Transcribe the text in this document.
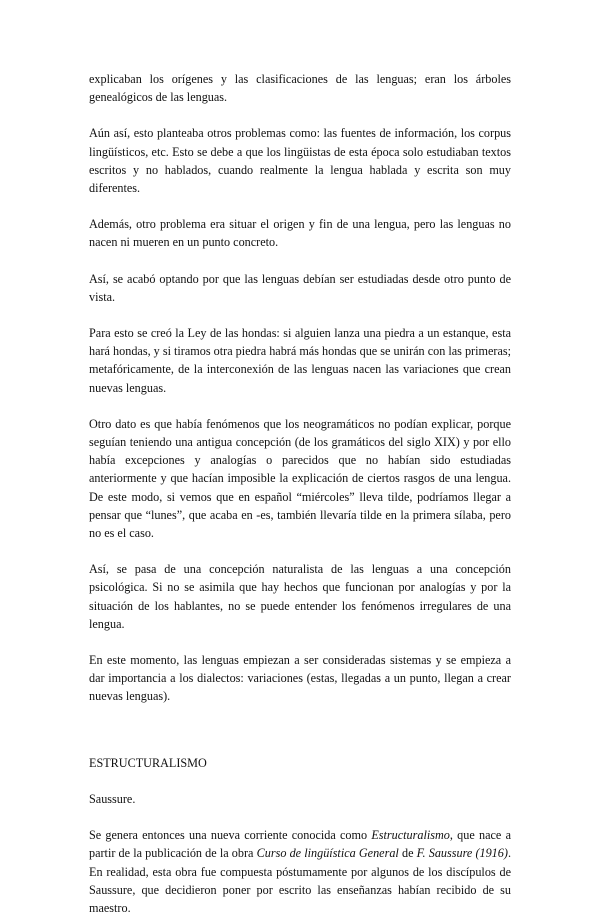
explicaban los orígenes y las clasificaciones de las lenguas; eran los árboles genealógicos de las lenguas.

Aún así, esto planteaba otros problemas como: las fuentes de información, los corpus lingüísticos, etc. Esto se debe a que los lingüistas de esta época solo estudiaban textos escritos y no hablados, cuando realmente la lengua hablada y escrita son muy diferentes.

Además, otro problema era situar el origen y fin de una lengua, pero las lenguas no nacen ni mueren en un punto concreto.

Así, se acabó optando por que las lenguas debían ser estudiadas desde otro punto de vista.

Para esto se creó la Ley de las hondas: si alguien lanza una piedra a un estanque, esta hará hondas, y si tiramos otra piedra habrá más hondas que se unirán con las primeras; metafóricamente, de la interconexión de las lenguas nacen las variaciones que crean nuevas lenguas.

Otro dato es que había fenómenos que los neogramáticos no podían explicar, porque seguían teniendo una antigua concepción (de los gramáticos del siglo XIX) y por ello había excepciones y analogías o parecidos que no habían sido estudiadas anteriormente y que hacían imposible la explicación de ciertos rasgos de una lengua. De este modo, si vemos que en español “miércoles” lleva tilde, podríamos llegar a pensar que “lunes”, que acaba en -es, también llevaría tilde en la primera sílaba, pero no es el caso.

Así, se pasa de una concepción naturalista de las lenguas a una concepción psicológica. Si no se asimila que hay hechos que funcionan por analogías y por la situación de los hablantes, no se puede entender los fenómenos irregulares de una lengua.

En este momento, las lenguas empiezan a ser consideradas sistemas y se empieza a dar importancia a los dialectos: variaciones (estas, llegadas a un punto, llegan a crear nuevas lenguas).

ESTRUCTURALISMO

Saussure.

Se genera entonces una nueva corriente conocida como Estructuralismo, que nace a partir de la publicación de la obra Curso de lingüística General de F. Saussure (1916). En realidad, esta obra fue compuesta póstumamente por algunos de los discípulos de Saussure, que decidieron poner por escrito las enseñanzas habían recibido de su maestro.
